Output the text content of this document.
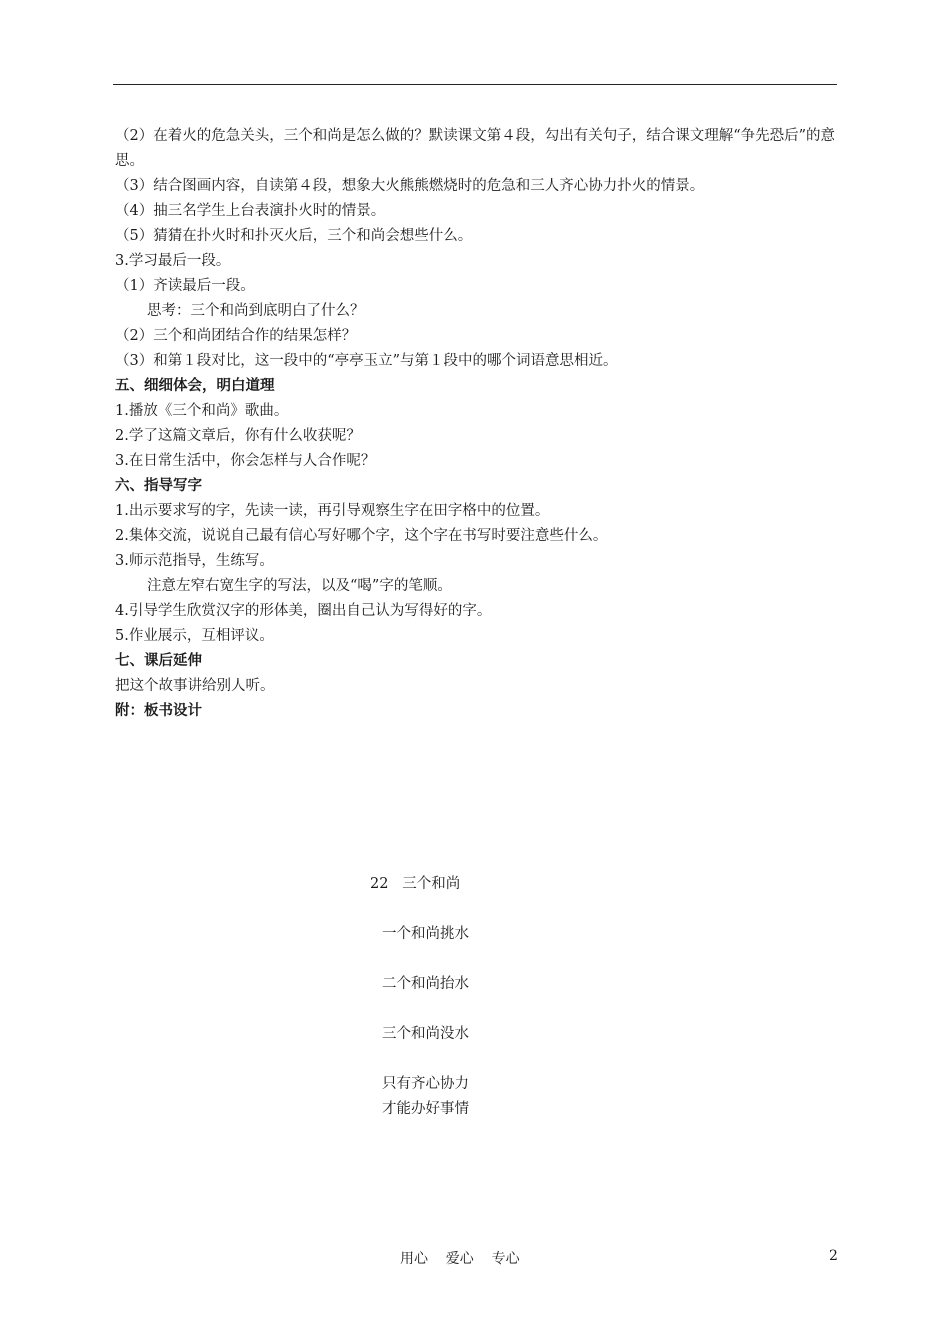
（2）在着火的危急关头，三个和尚是怎么做的？默读课文第４段，勾出有关句子，结合课文理解“争先恐后”的意思。
（3）结合图画内容，自读第４段，想象大火熊熊燃烧时的危急和三人齐心协力扑火的情景。
（4）抽三名学生上台表演扑火时的情景。
（5）猜猜在扑火时和扑灭火后，三个和尚会想些什么。
3.学习最后一段。
（1）齐读最后一段。
思考：三个和尚到底明白了什么？
（2）三个和尚团结合作的结果怎样？
（3）和第１段对比，这一段中的“亭亭玉立”与第１段中的哪个词语意思相近。
五、细细体会，明白道理
1.播放《三个和尚》歌曲。
2.学了这篇文章后，你有什么收获呢？
3.在日常生活中，你会怎样与人合作呢？
六、指导写字
1.出示要求写的字，先读一读，再引导观察生字在田字格中的位置。
2.集体交流，说说自己最有信心写好哪个字，这个字在书写时要注意些什么。
3.师示范指导，生练写。
注意左窄右宽生字的写法，以及“喝”字的笔顺。
4.引导学生欣赏汉字的形体美，圈出自己认为写得好的字。
5.作业展示，互相评议。
七、课后延伸
把这个故事讲给别人听。
附：板书设计
22   三个和尚
一个和尚挑水
二个和尚抬水
三个和尚没水
只有齐心协力
才能办好事情
用心    爱心    专心	2
